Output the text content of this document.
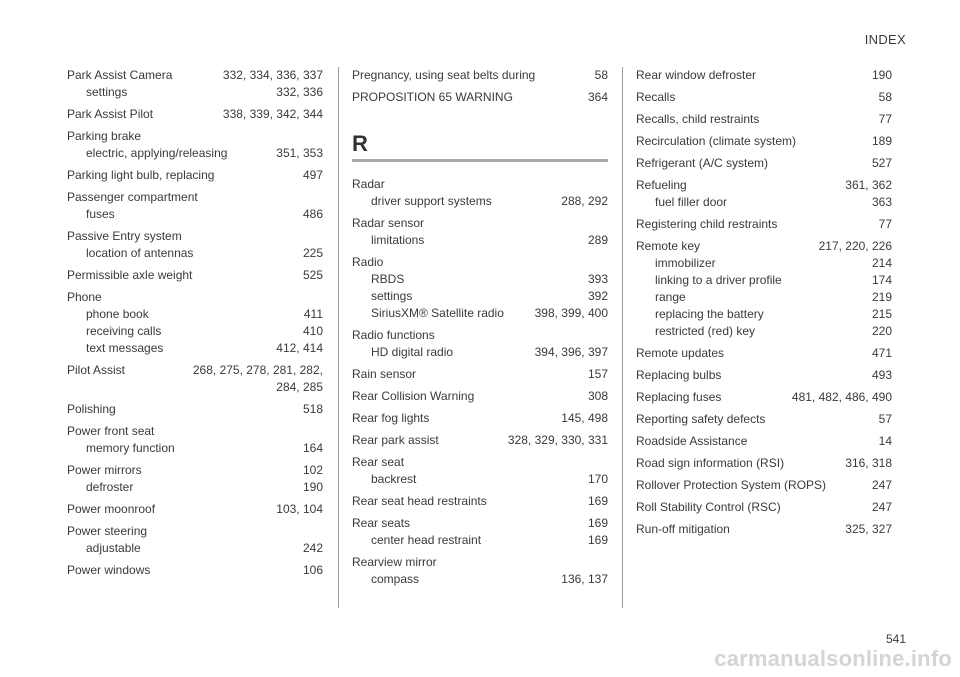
INDEX
Park Assist Camera	332, 334, 336, 337
settings	332, 336
Park Assist Pilot	338, 339, 342, 344
Parking brake
electric, applying/releasing	351, 353
Parking light bulb, replacing	497
Passenger compartment
fuses	486
Passive Entry system
location of antennas	225
Permissible axle weight	525
Phone
phone book	411
receiving calls	410
text messages	412, 414
Pilot Assist	268, 275, 278, 281, 282,
284, 285
Polishing	518
Power front seat
memory function	164
Power mirrors	102
defroster	190
Power moonroof	103, 104
Power steering
adjustable	242
Power windows	106
Pregnancy, using seat belts during	58
PROPOSITION 65 WARNING	364
R
Radar
driver support systems	288, 292
Radar sensor
limitations	289
Radio
RBDS	393
settings	392
SiriusXM® Satellite radio	398, 399, 400
Radio functions
HD digital radio	394, 396, 397
Rain sensor	157
Rear Collision Warning	308
Rear fog lights	145, 498
Rear park assist	328, 329, 330, 331
Rear seat
backrest	170
Rear seat head restraints	169
Rear seats	169
center head restraint	169
Rearview mirror
compass	136, 137
Rear window defroster	190
Recalls	58
Recalls, child restraints	77
Recirculation (climate system)	189
Refrigerant (A/C system)	527
Refueling	361, 362
fuel filler door	363
Registering child restraints	77
Remote key	217, 220, 226
immobilizer	214
linking to a driver profile	174
range	219
replacing the battery	215
restricted (red) key	220
Remote updates	471
Replacing bulbs	493
Replacing fuses	481, 482, 486, 490
Reporting safety defects	57
Roadside Assistance	14
Road sign information (RSI)	316, 318
Rollover Protection System (ROPS)	247
Roll Stability Control (RSC)	247
Run-off mitigation	325, 327
541
carmanualsonline.info
